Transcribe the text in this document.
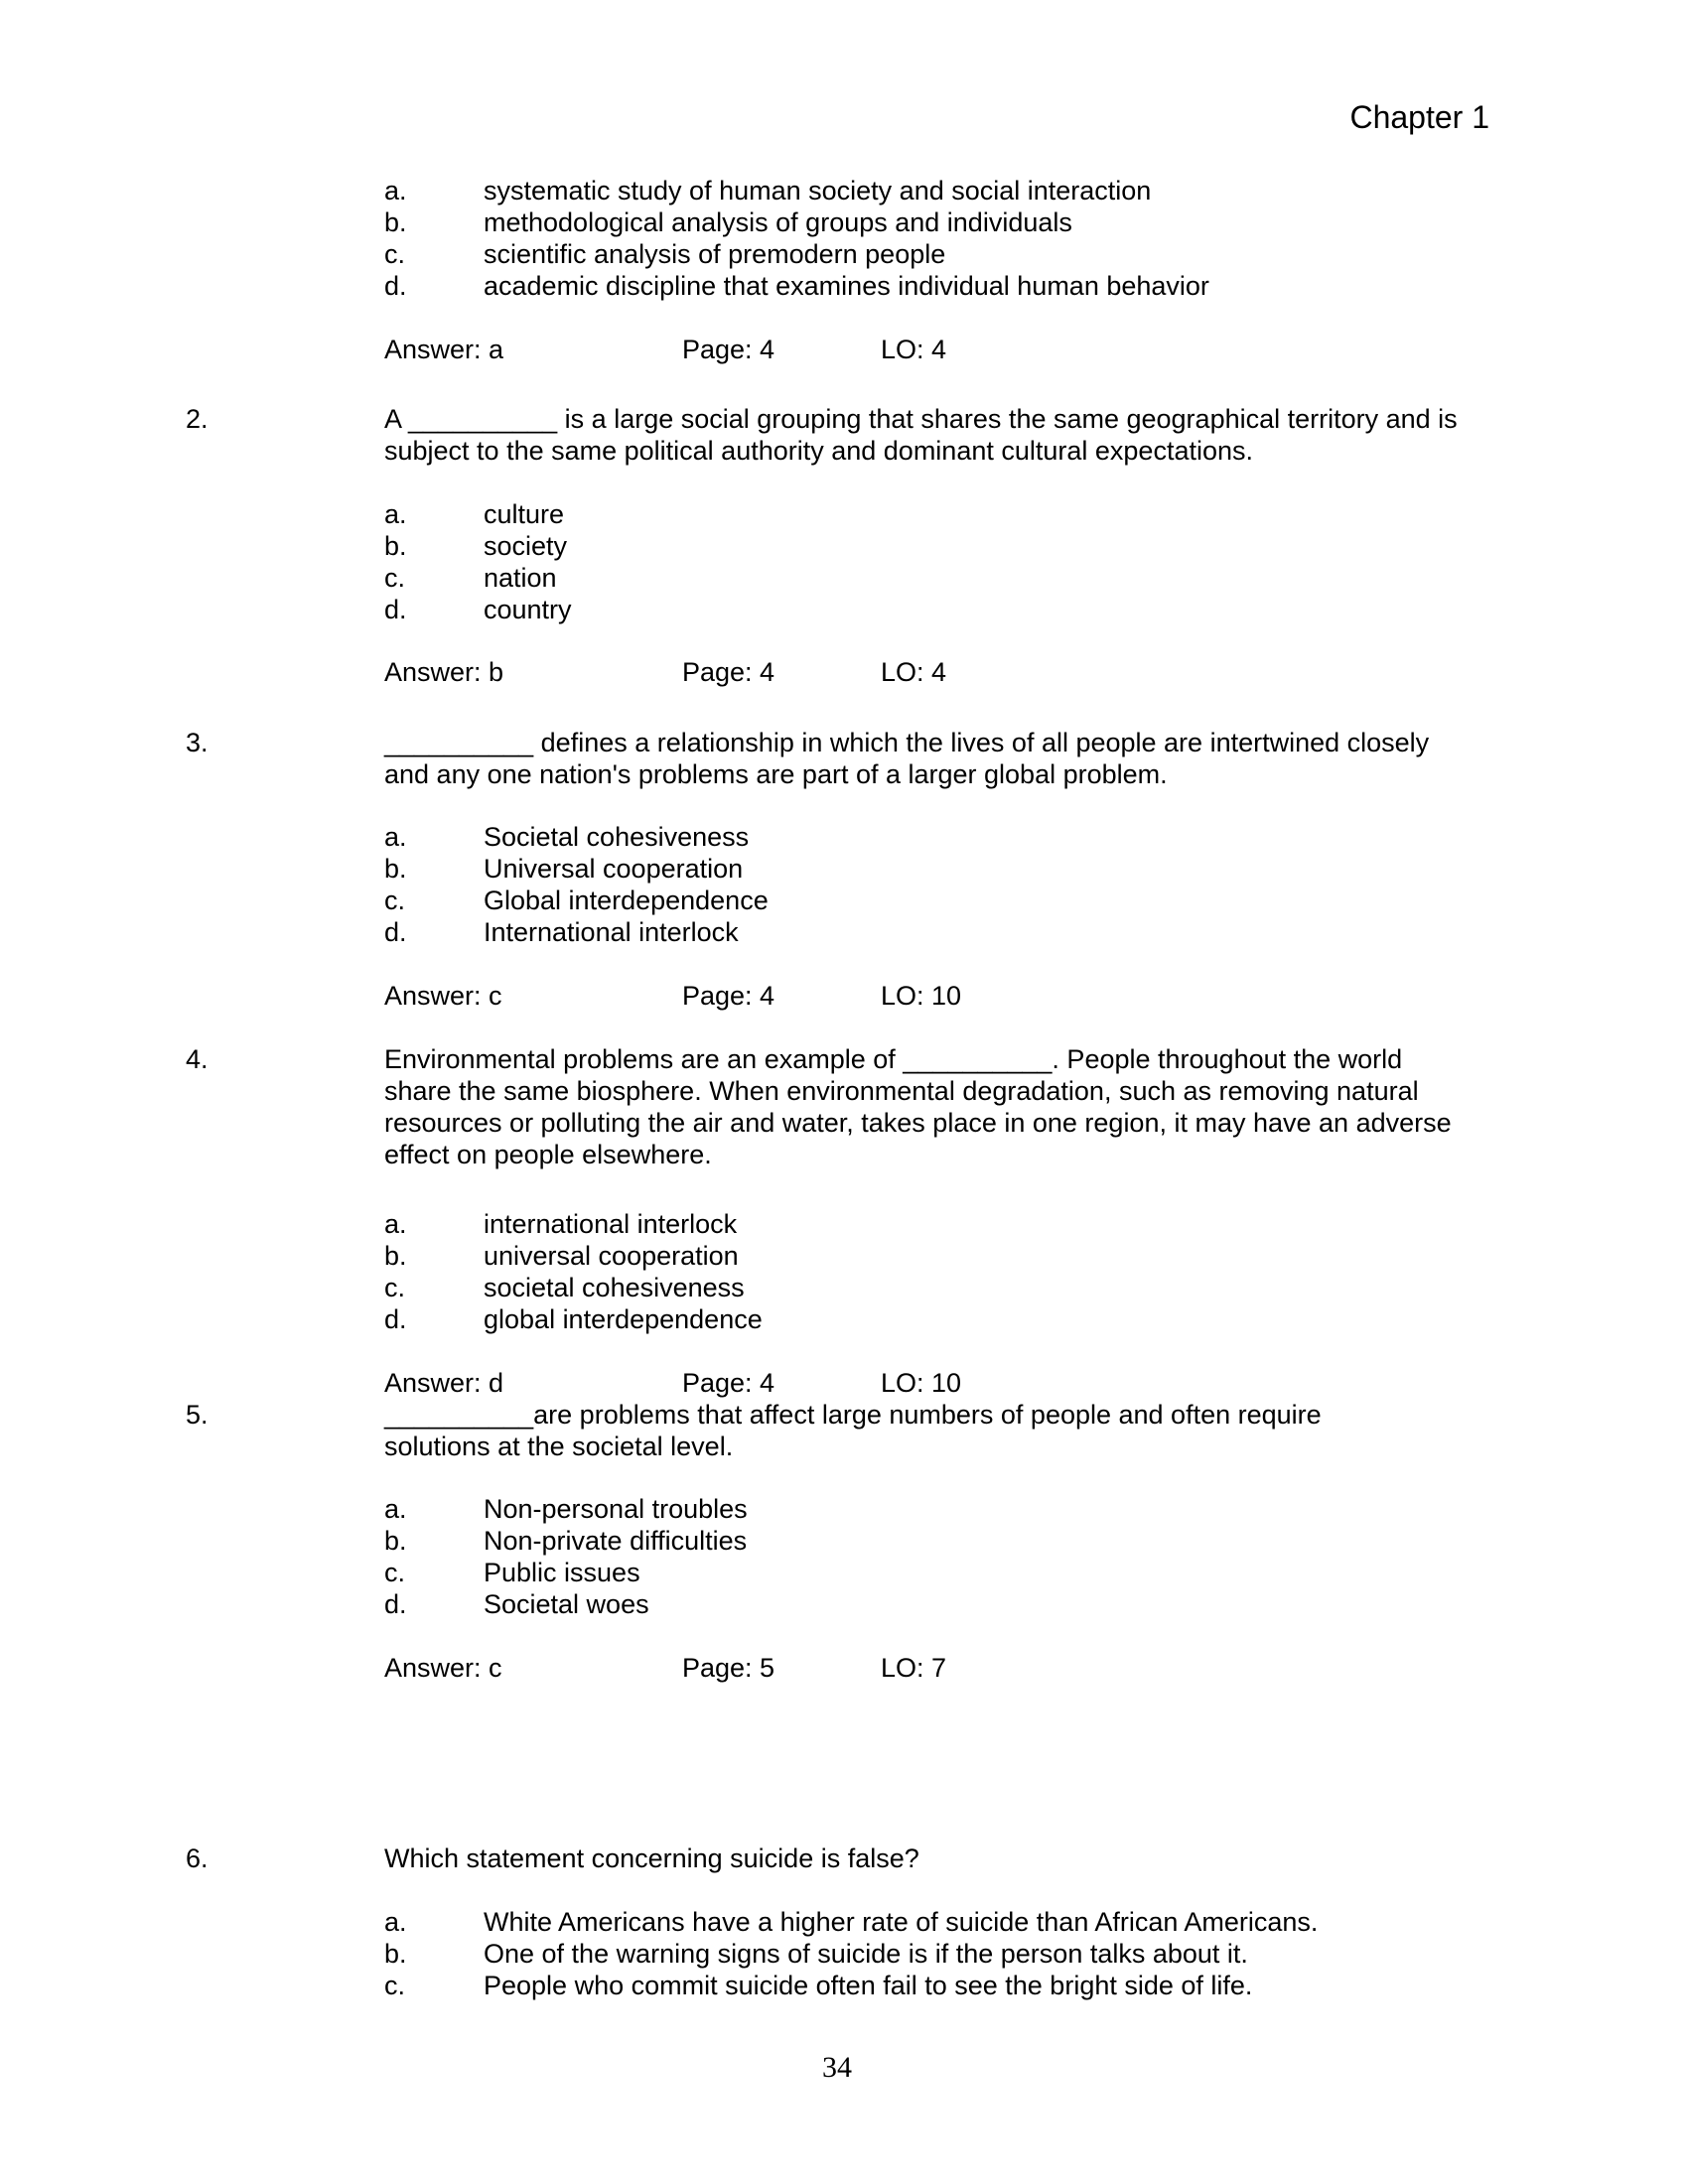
Chapter 1
a.	systematic study of human society and social interaction
b.	methodological analysis of groups and individuals
c.	scientific analysis of premodern people
d.	academic discipline that examines individual human behavior
Answer: a	Page: 4	LO: 4
2.	A __________ is a large social grouping that shares the same geographical territory and is
subject to the same political authority and dominant cultural expectations.
a.	culture
b.	society
c.	nation
d.	country
Answer: b	Page: 4	LO: 4
3.	__________ defines a relationship in which the lives of all people are intertwined closely
and any one nation's problems are part of a larger global problem.
a.	Societal cohesiveness
b.	Universal cooperation
c.	Global interdependence
d.	International interlock
Answer: c	Page: 4	LO: 10
4.	Environmental problems are an example of __________. People throughout the world
share the same biosphere. When environmental degradation, such as removing natural
resources or polluting the air and water, takes place in one region, it may have an adverse
effect on people elsewhere.
a.	international interlock
b.	universal cooperation
c.	societal cohesiveness
d.	global interdependence
Answer: d	Page: 4	LO: 10
5.	__________are problems that affect large numbers of people and often require
solutions at the societal level.
a.	Non-personal troubles
b.	Non-private difficulties
c.	Public issues
d.	Societal woes
Answer: c	Page: 5	LO: 7
6.	Which statement concerning suicide is false?
a.	White Americans have a higher rate of suicide than African Americans.
b.	One of the warning signs of suicide is if the person talks about it.
c.	People who commit suicide often fail to see the bright side of life.
34
